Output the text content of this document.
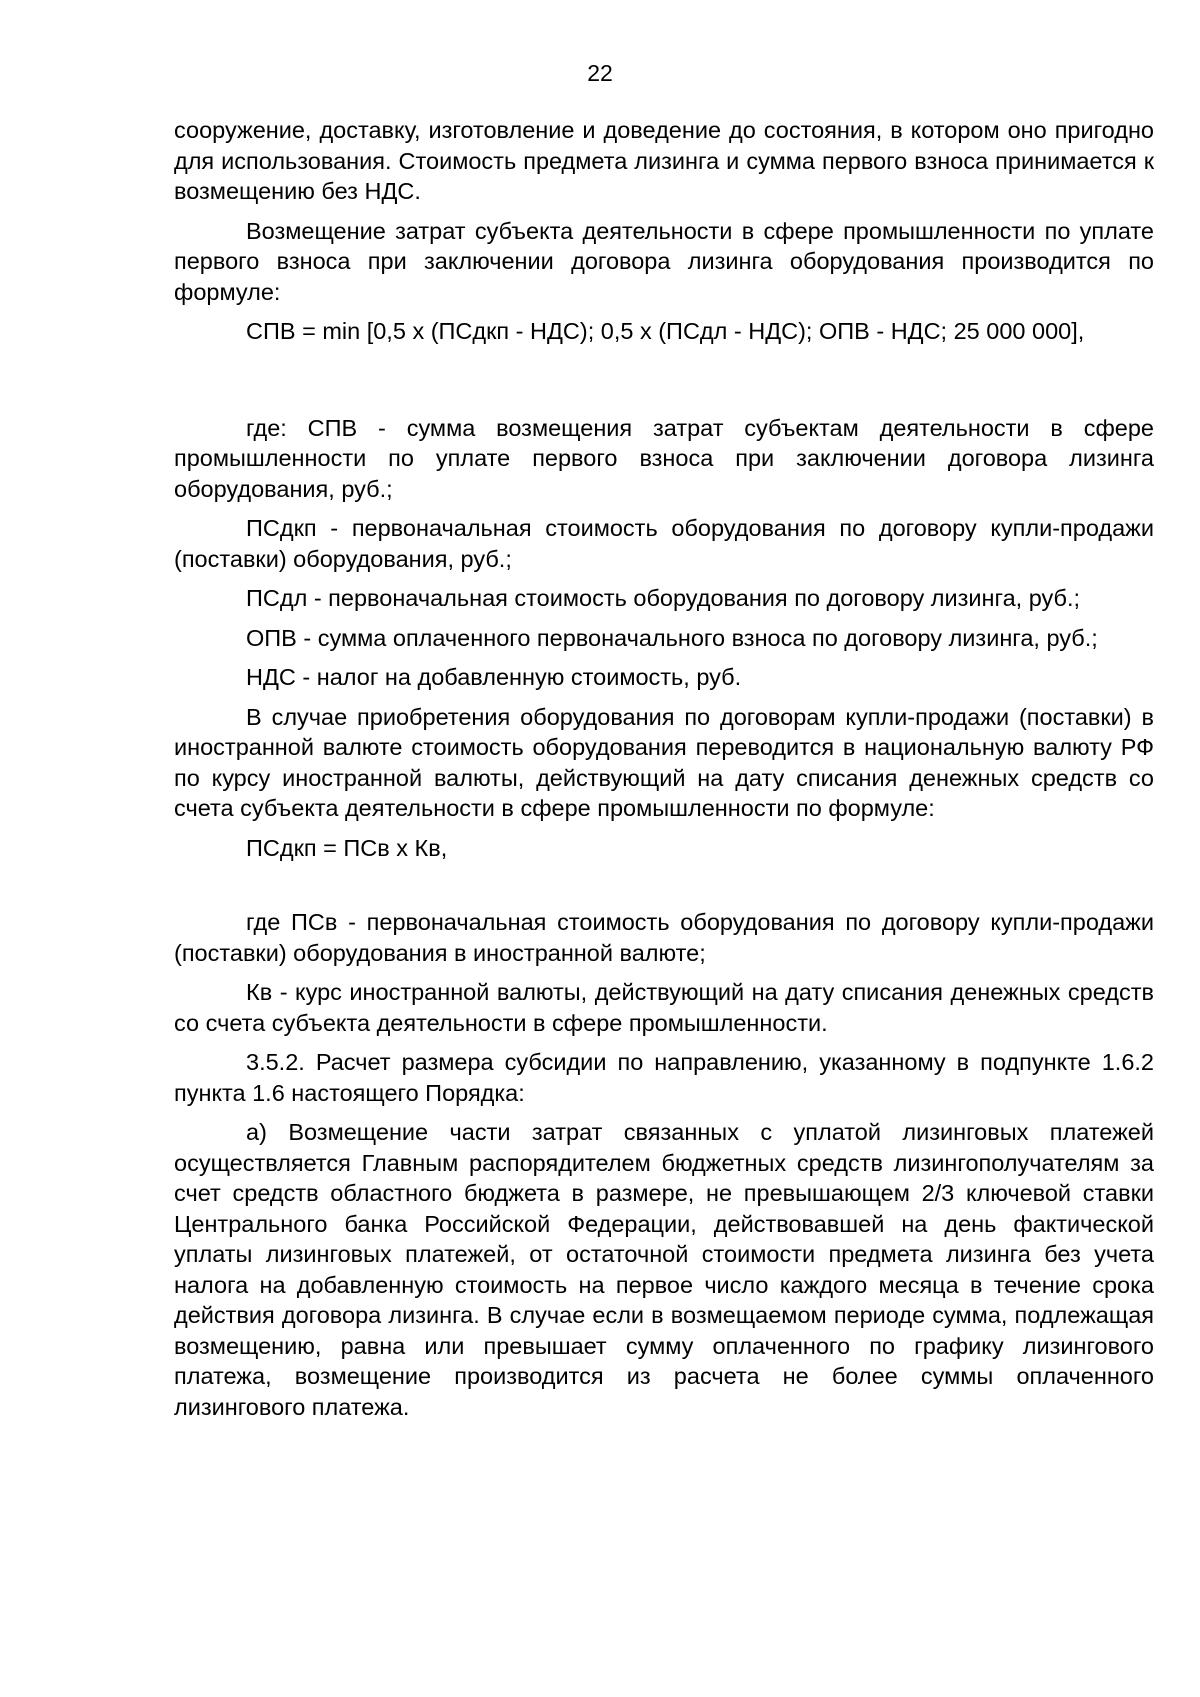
22

сооружение, доставку, изготовление и доведение до состояния, в котором оно пригодно для использования. Стоимость предмета лизинга и сумма первого взноса принимается к возмещению без НДС.

Возмещение затрат субъекта деятельности в сфере промышленности по уплате первого взноса при заключении договора лизинга оборудования производится по формуле:

СПВ = min [0,5 х (ПСдкп - НДС); 0,5 х (ПСдл - НДС); ОПВ - НДС; 25 000 000],

где: СПВ - сумма возмещения затрат субъектам деятельности в сфере промышленности по уплате первого взноса при заключении договора лизинга оборудования, руб.;

ПСдкп - первоначальная стоимость оборудования по договору купли-продажи (поставки) оборудования, руб.;

ПСдл - первоначальная стоимость оборудования по договору лизинга, руб.;

ОПВ - сумма оплаченного первоначального взноса по договору лизинга, руб.;

НДС - налог на добавленную стоимость, руб.

В случае приобретения оборудования по договорам купли-продажи (поставки) в иностранной валюте стоимость оборудования переводится в национальную валюту РФ по курсу иностранной валюты, действующий на дату списания денежных средств со счета субъекта деятельности в сфере промышленности по формуле:

ПСдкп = ПСв х Кв,

где ПСв - первоначальная стоимость оборудования по договору купли-продажи (поставки) оборудования в иностранной валюте;

Кв - курс иностранной валюты, действующий на дату списания денежных средств со счета субъекта деятельности в сфере промышленности.

3.5.2. Расчет размера субсидии по направлению, указанному в подпункте 1.6.2 пункта 1.6 настоящего Порядка:

а) Возмещение части затрат связанных с уплатой лизинговых платежей осуществляется Главным распорядителем бюджетных средств лизингополучателям за счет средств областного бюджета в размере, не превышающем 2/3 ключевой ставки Центрального банка Российской Федерации, действовавшей на день фактической уплаты лизинговых платежей, от остаточной стоимости предмета лизинга без учета налога на добавленную стоимость на первое число каждого месяца в течение срока действия договора лизинга. В случае если в возмещаемом периоде сумма, подлежащая возмещению, равна или превышает сумму оплаченного по графику лизингового платежа, возмещение производится из расчета не более суммы оплаченного лизингового платежа.
